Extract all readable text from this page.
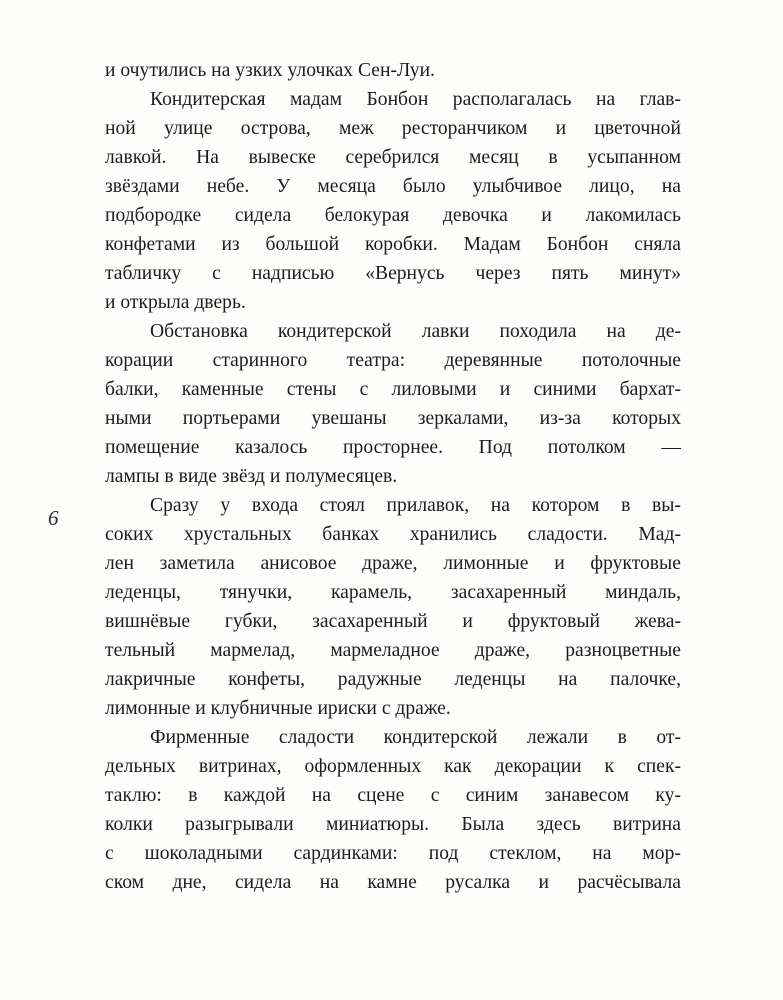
6
и очутились на узких улочках Сен-Луи.
Кондитерская мадам Бонбон располагалась на глав-
ной улице острова, меж ресторанчиком и цветочной
лавкой. На вывеске серебрился месяц в усыпанном
звёздами небе. У месяца было улыбчивое лицо, на
подбородке сидела белокурая девочка и лакомилась
конфетами из большой коробки. Мадам Бонбон сняла
табличку с надписью «Вернусь через пять минут»
и открыла дверь.
Обстановка кондитерской лавки походила на де-
корации старинного театра: деревянные потолочные
балки, каменные стены с лиловыми и синими бархат-
ными портьерами увешаны зеркалами, из-за которых
помещение казалось просторнее. Под потолком —
лампы в виде звёзд и полумесяцев.
Сразу у входа стоял прилавок, на котором в вы-
соких хрустальных банках хранились сладости. Мад-
лен заметила анисовое драже, лимонные и фруктовые
леденцы, тянучки, карамель, засахаренный миндаль,
вишнёвые губки, засахаренный и фруктовый жева-
тельный мармелад, мармеладное драже, разноцветные
лакричные конфеты, радужные леденцы на палочке,
лимонные и клубничные ириски с драже.
Фирменные сладости кондитерской лежали в от-
дельных витринах, оформленных как декорации к спек-
таклю: в каждой на сцене с синим занавесом ку-
колки разыгрывали миниатюры. Была здесь витрина
с шоколадными сардинками: под стеклом, на мор-
ском дне, сидела на камне русалка и расчёсывала
